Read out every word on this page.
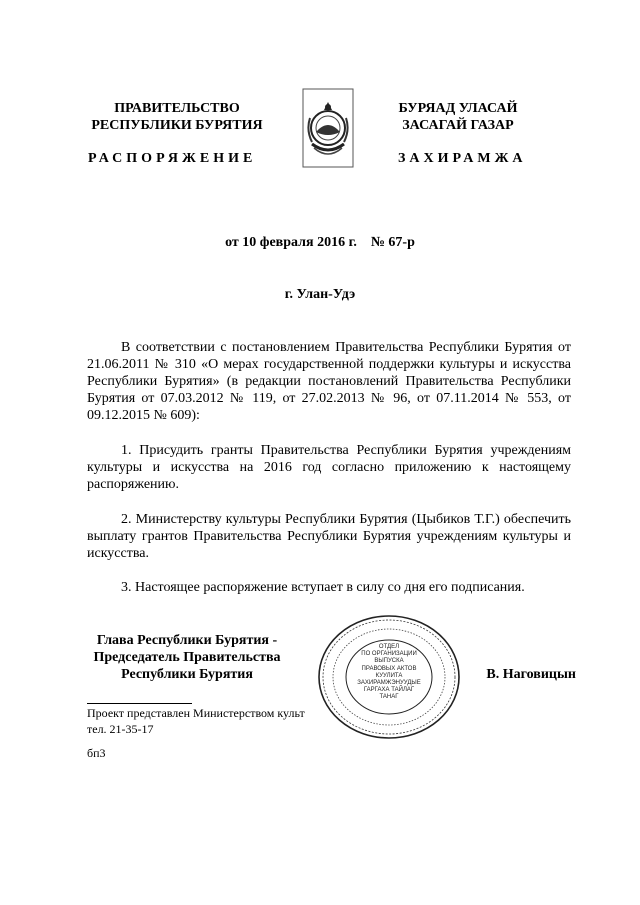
ПРАВИТЕЛЬСТВО
РЕСПУБЛИКИ БУРЯТИЯ
БУРЯАД УЛАСАЙ
ЗАСАГАЙ ГАЗАР
РАСПОРЯЖЕНИЕ	ЗАХИРАМЖА
от 10 февраля 2016 г.    № 67-р
г. Улан-Удэ
В соответствии с постановлением Правительства Республики Бурятия от 21.06.2011 № 310 «О мерах государственной поддержки культуры и искусства Республики Бурятия» (в редакции постановлений Правительства Республики Бурятия от 07.03.2012 № 119, от 27.02.2013 № 96, от 07.11.2014 № 553, от 09.12.2015 № 609):
1. Присудить гранты Правительства Республики Бурятия учреждениям культуры и искусства на 2016 год согласно приложению к настоящему распоряжению.
2. Министерству культуры Республики Бурятия (Цыбиков Т.Г.) обеспечить выплату грантов Правительства Республики Бурятия учреждениям культуры и искусства.
3. Настоящее распоряжение вступает в силу со дня его подписания.
Глава Республики Бурятия -
Председатель Правительства
Республики Бурятия
ОТДЕЛ
ПО ОРГАНИЗАЦИИ
ВЫПУСКА
ПРАВОВЫХ АКТОВ
КУУЛИТА
ЗАХИРАМЖЭНУУДЫЕ
ГАРГАХА ТАЙЛАГ
ТАНАГ
В. Наговицын
Проект представлен Министерством культ
тел. 21-35-17
бп3
